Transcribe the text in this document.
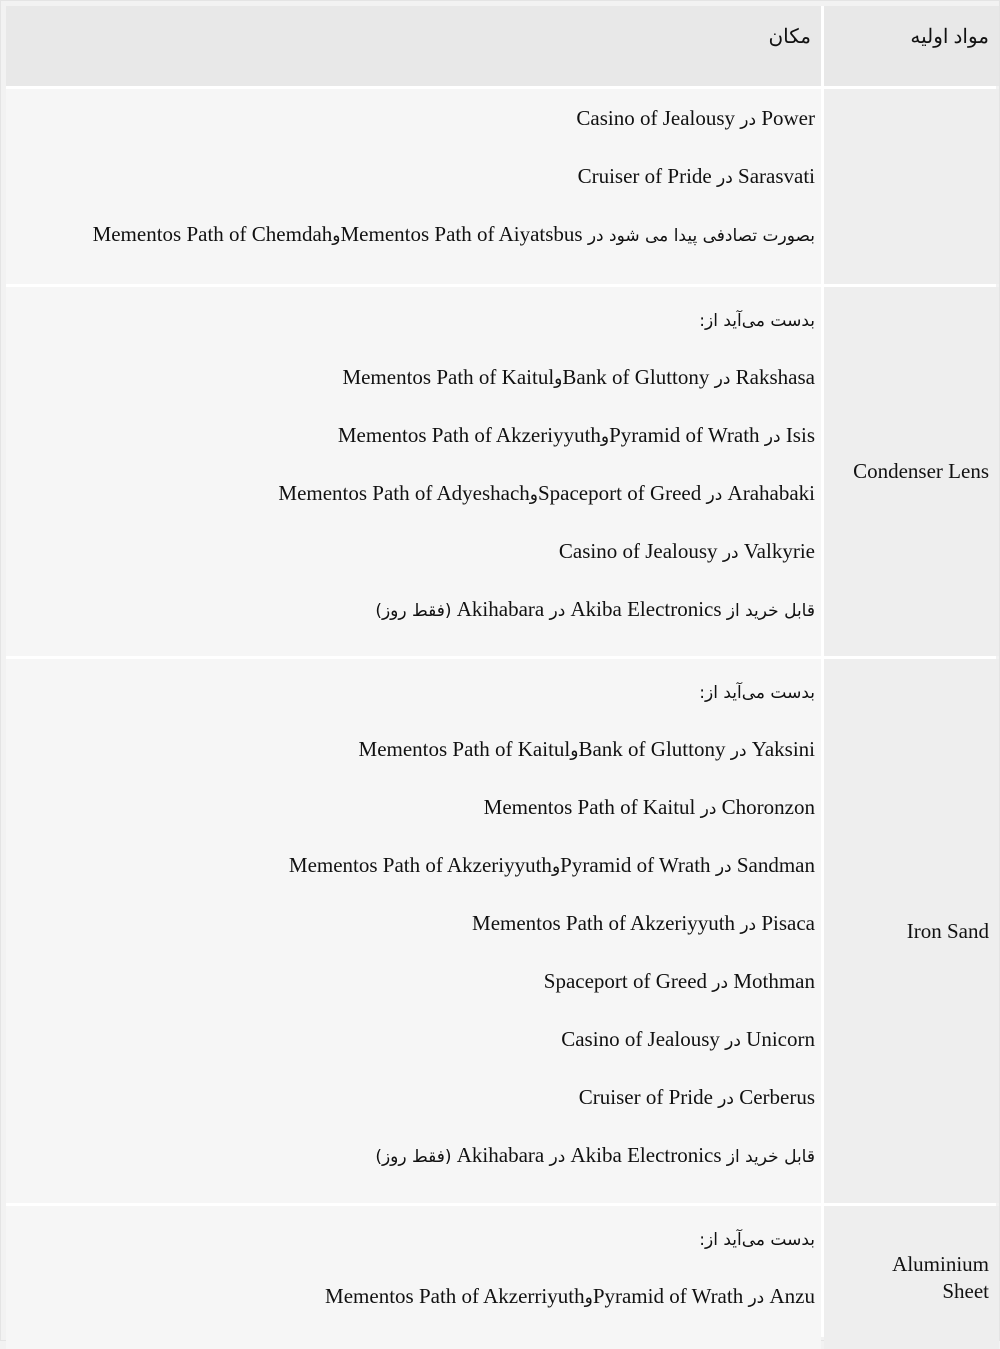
مکان	مواد اولیه
Power در Casino of Jealousy
Sarasvati در Cruiser of Pride
بصورت تصادفی پیدا می شود در Mementos Path of AiyatsbusوMementos Path of Chemdah
بدست می‌آید از:
Rakshasa در Bank of GluttonyوMementos Path of Kaitul
Isis در Pyramid of WrathوMementos Path of Akzeriyyuth
Arahabaki در Spaceport of GreedوMementos Path of Adyeshach
Valkyrie در Casino of Jealousy
قابل خرید از Akiba Electronics در Akihabara (فقط روز)
Condenser Lens
بدست می‌آید از:
Yaksini در Bank of GluttonyوMementos Path of Kaitul
Choronzon در Mementos Path of Kaitul
Sandman در Pyramid of WrathوMementos Path of Akzeriyyuth
Pisaca در Mementos Path of Akzeriyyuth
Mothman در Spaceport of Greed
Unicorn در Casino of Jealousy
Cerberus در Cruiser of Pride
قابل خرید از Akiba Electronics در Akihabara (فقط روز)
Iron Sand
بدست می‌آید از:
Anzu در Pyramid of WrathوMementos Path of Akzerriyuth
Aluminium

Sheet
